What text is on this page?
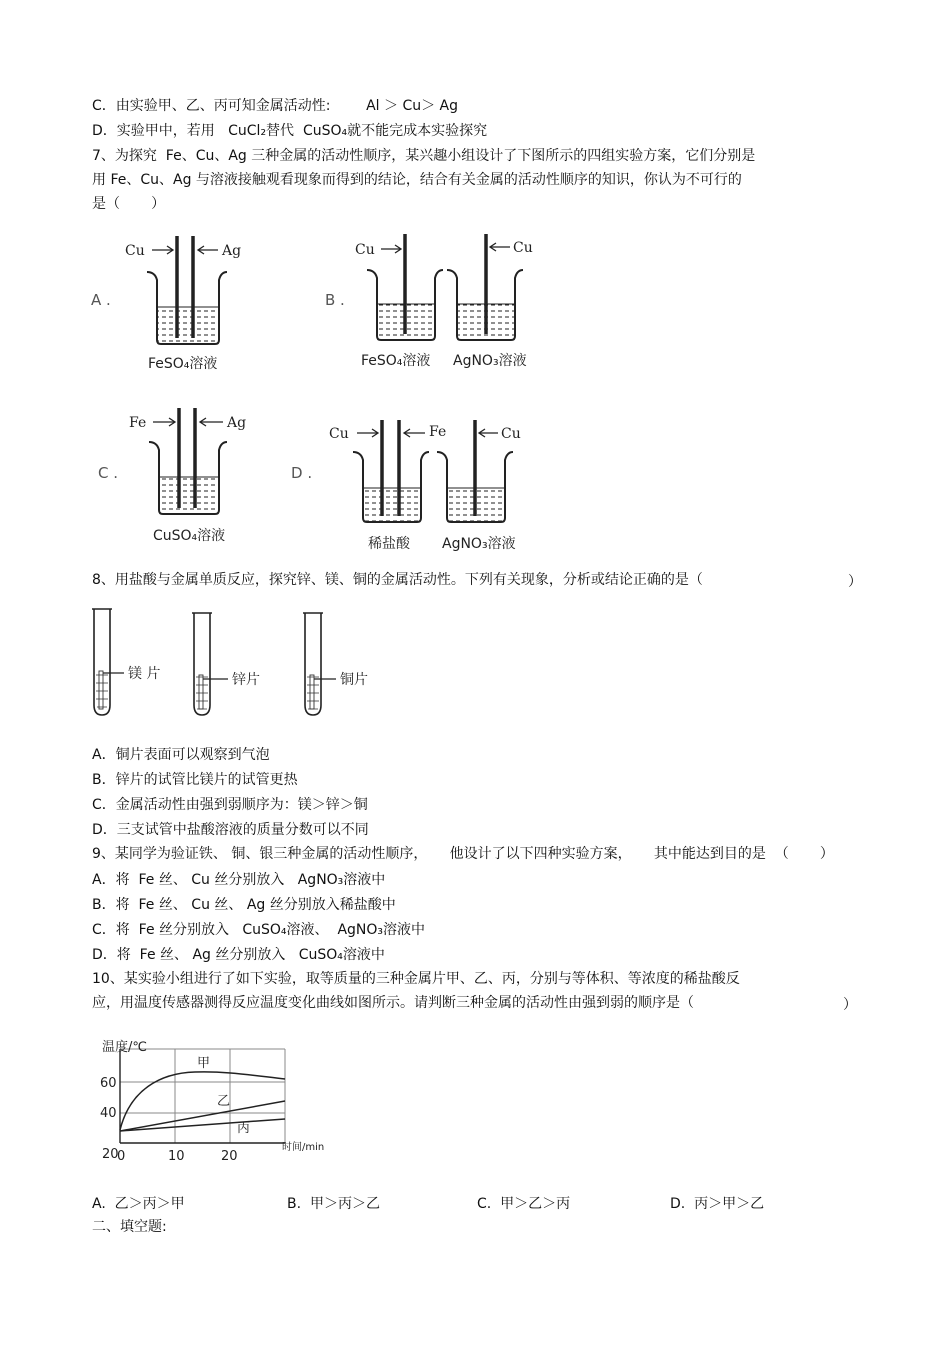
C．由实验甲、乙、丙可知金属活动性:        Al ＞ Cu＞ Ag
D．实验甲中，若用   CuCl₂替代  CuSO₄就不能完成本实验探究
7、为探究  Fe、Cu、Ag 三种金属的活动性顺序，某兴趣小组设计了下图所示的四组实验方案，它们分别是
用 Fe、Cu、Ag 与溶液接触观看现象而得到的结论，结合有关金属的活动性顺序的知识，你认为不可行的
是（       ）
A .
Cu	Ag
FeSO₄溶液
B .
Cu	Cu
FeSO₄溶液 AgNO₃溶液
C .
Fe	Ag
CuSO₄溶液
D .
Cu	Fe	Cu
稀盐酸 AgNO₃溶液
8、用盐酸与金属单质反应，探究锌、镁、铜的金属活动性。下列有关现象，分析或结论正确的是（	）
镁 片	锌片	铜片
A．铜片表面可以观察到气泡
B．锌片的试管比镁片的试管更热
C．金属活动性由强到弱顺序为：镁＞锌＞铜
D．三支试管中盐酸溶液的质量分数可以不同
9、某同学为验证铁、 铜、银三种金属的活动性顺序，     他设计了以下四种实验方案，     其中能达到目的是  （       ）
A．将  Fe 丝、 Cu 丝分别放入   AgNO₃溶液中
B．将  Fe 丝、 Cu 丝、 Ag 丝分别放入稀盐酸中
C．将  Fe 丝分别放入   CuSO₄溶液、  AgNO₃溶液中
D．将  Fe 丝、 Ag 丝分别放入   CuSO₄溶液中
10、某实验小组进行了如下实验，取等质量的三种金属片甲、乙、丙，分别与等体积、等浓度的稀盐酸反
应，用温度传感器测得反应温度变化曲线如图所示。请判断三种金属的活动性由强到弱的顺序是（	）
温度/℃
60
40
20
0	10	20
时间/min
甲
乙
丙
A.  乙＞丙＞甲	B.  甲＞丙＞乙	C.  甲＞乙＞丙	D.  丙＞甲＞乙
二、填空题:
